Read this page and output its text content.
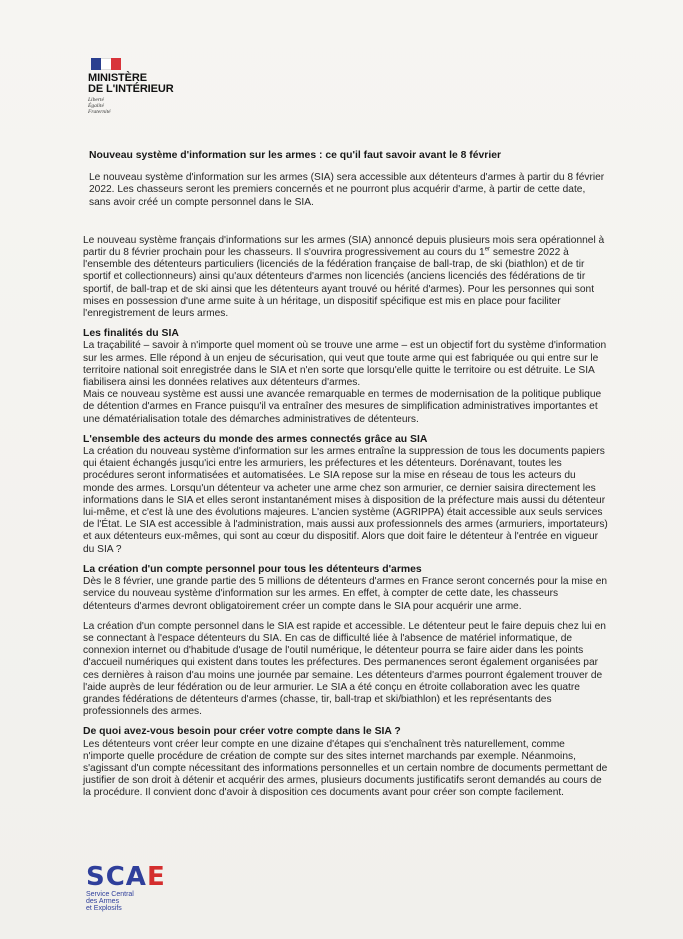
MINISTÈRE
DE L'INTÉRIEUR
Liberté
Égalité
Fraternité

Nouveau système d'information sur les armes : ce qu'il faut savoir avant le 8 février

Le nouveau système d'information sur les armes (SIA) sera accessible aux détenteurs d'armes à partir du 8 février 2022. Les chasseurs seront les premiers concernés et ne pourront plus acquérir d'arme, à partir de cette date, sans avoir créé un compte personnel dans le SIA.

Le nouveau système français d'informations sur les armes (SIA) annoncé depuis plusieurs mois sera opérationnel à partir du 8 février prochain pour les chasseurs. Il s'ouvrira progressivement au cours du 1er semestre 2022 à l'ensemble des détenteurs particuliers (licenciés de la fédération française de ball-trap, de ski (biathlon) et de tir sportif et collectionneurs) ainsi qu'aux détenteurs d'armes non licenciés (anciens licenciés des fédérations de tir sportif, de ball-trap et de ski ainsi que les détenteurs ayant trouvé ou hérité d'armes). Pour les personnes qui sont mises en possession d'une arme suite à un héritage, un dispositif spécifique est mis en place pour faciliter l'enregistrement de leurs armes.

Les finalités du SIA

La traçabilité – savoir à n'importe quel moment où se trouve une arme – est un objectif fort du système d'information sur les armes. Elle répond à un enjeu de sécurisation, qui veut que toute arme qui est fabriquée ou qui entre sur le territoire national soit enregistrée dans le SIA et n'en sorte que lorsqu'elle quitte le territoire ou est détruite. Le SIA fiabilisera ainsi les données relatives aux détenteurs d'armes.

Mais ce nouveau système est aussi une avancée remarquable en termes de modernisation de la politique publique de détention d'armes en France puisqu'il va entraîner des mesures de simplification administratives importantes et une dématérialisation totale des démarches administratives de détenteurs.

L'ensemble des acteurs du monde des armes connectés grâce au SIA

La création du nouveau système d'information sur les armes entraîne la suppression de tous les documents papiers qui étaient échangés jusqu'ici entre les armuriers, les préfectures et les détenteurs. Dorénavant, toutes les procédures seront informatisées et automatisées. Le SIA repose sur la mise en réseau de tous les acteurs du monde des armes. Lorsqu'un détenteur va acheter une arme chez son armurier, ce dernier saisira directement les informations dans le SIA et elles seront instantanément mises à disposition de la préfecture mais aussi du détenteur lui-même, et c'est là une des évolutions majeures. L'ancien système (AGRIPPA) était accessible aux seuls services de l'État. Le SIA est accessible à l'administration, mais aussi aux professionnels des armes (armuriers, importateurs) et aux détenteurs eux-mêmes, qui sont au cœur du dispositif. Alors que doit faire le détenteur à l'entrée en vigueur du SIA ?

La création d'un compte personnel pour tous les détenteurs d'armes

Dès le 8 février, une grande partie des 5 millions de détenteurs d'armes en France seront concernés pour la mise en service du nouveau système d'information sur les armes. En effet, à compter de cette date, les chasseurs détenteurs d'armes devront obligatoirement créer un compte dans le SIA pour acquérir une arme.

La création d'un compte personnel dans le SIA est rapide et accessible. Le détenteur peut le faire depuis chez lui en se connectant à l'espace détenteurs du SIA. En cas de difficulté liée à l'absence de matériel informatique, de connexion internet ou d'habitude d'usage de l'outil numérique, le détenteur pourra se faire aider dans les points d'accueil numériques qui existent dans toutes les préfectures. Des permanences seront également organisées par ces dernières à raison d'au moins une journée par semaine. Les détenteurs d'armes pourront également trouver de l'aide auprès de leur fédération ou de leur armurier. Le SIA a été conçu en étroite collaboration avec les quatre grandes fédérations de détenteurs d'armes (chasse, tir, ball-trap et ski/biathlon) et les représentants des professionnels des armes.

De quoi avez-vous besoin pour créer votre compte dans le SIA ?

Les détenteurs vont créer leur compte en une dizaine d'étapes qui s'enchaînent très naturellement, comme n'importe quelle procédure de création de compte sur des sites internet marchands par exemple. Néanmoins, s'agissant d'un compte nécessitant des informations personnelles et un certain nombre de documents permettant de justifier de son droit à détenir et acquérir des armes, plusieurs documents justificatifs seront demandés au cours de la procédure. Il convient donc d'avoir à disposition ces documents avant pour créer son compte facilement.

SCAE
Service Central
des Armes
et Explosifs
